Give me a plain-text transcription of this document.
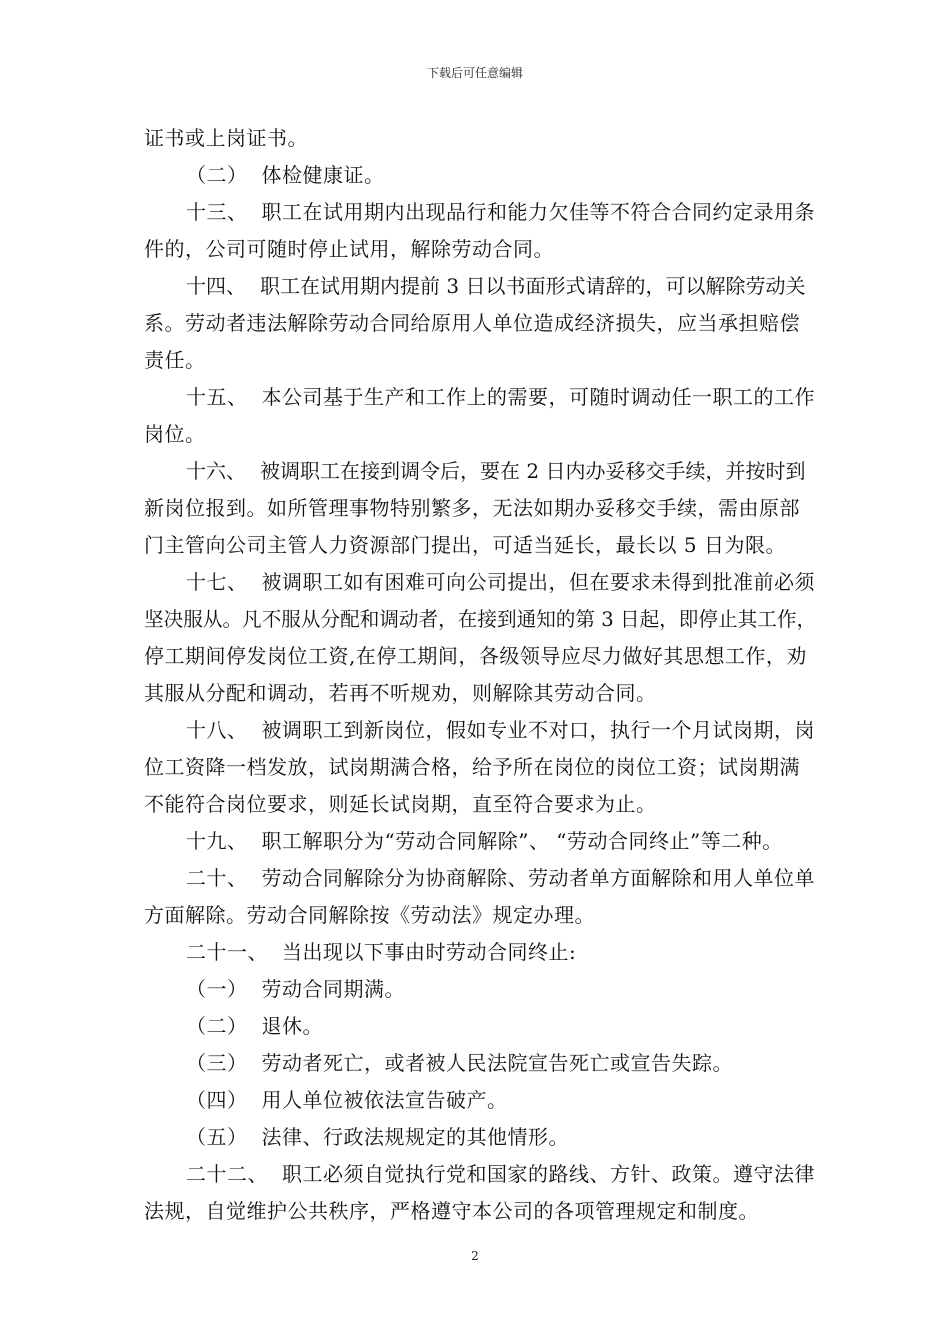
下载后可任意编辑
证书或上岗证书。
（二） 体检健康证。
十三、 职工在试用期内出现品行和能力欠佳等不符合合同约定录用条
件的，公司可随时停止试用，解除劳动合同。
十四、 职工在试用期内提前 3 日以书面形式请辞的，可以解除劳动关
系。劳动者违法解除劳动合同给原用人单位造成经济损失，应当承担赔偿
责任。
十五、 本公司基于生产和工作上的需要，可随时调动任一职工的工作
岗位。
十六、 被调职工在接到调令后，要在 2 日内办妥移交手续，并按时到
新岗位报到。如所管理事物特别繁多，无法如期办妥移交手续，需由原部
门主管向公司主管人力资源部门提出，可适当延长，最长以 5 日为限。
十七、 被调职工如有困难可向公司提出，但在要求未得到批准前必须
坚决服从。凡不服从分配和调动者，在接到通知的第 3 日起，即停止其工作，
停工期间停发岗位工资,在停工期间，各级领导应尽力做好其思想工作，劝
其服从分配和调动，若再不听规劝，则解除其劳动合同。
十八、 被调职工到新岗位，假如专业不对口，执行一个月试岗期，岗
位工资降一档发放，试岗期满合格，给予所在岗位的岗位工资；试岗期满
不能符合岗位要求，则延长试岗期，直至符合要求为止。
十九、 职工解职分为“劳动合同解除”、 “劳动合同终止”等二种。
二十、 劳动合同解除分为协商解除、劳动者单方面解除和用人单位单
方面解除。劳动合同解除按《劳动法》规定办理。
二十一、 当出现以下事由时劳动合同终止:
（一） 劳动合同期满。
（二） 退休。
（三） 劳动者死亡，或者被人民法院宣告死亡或宣告失踪。
（四） 用人单位被依法宣告破产。
（五） 法律、行政法规规定的其他情形。
二十二、 职工必须自觉执行党和国家的路线、方针、政策。遵守法律
法规，自觉维护公共秩序，严格遵守本公司的各项管理规定和制度。
2
